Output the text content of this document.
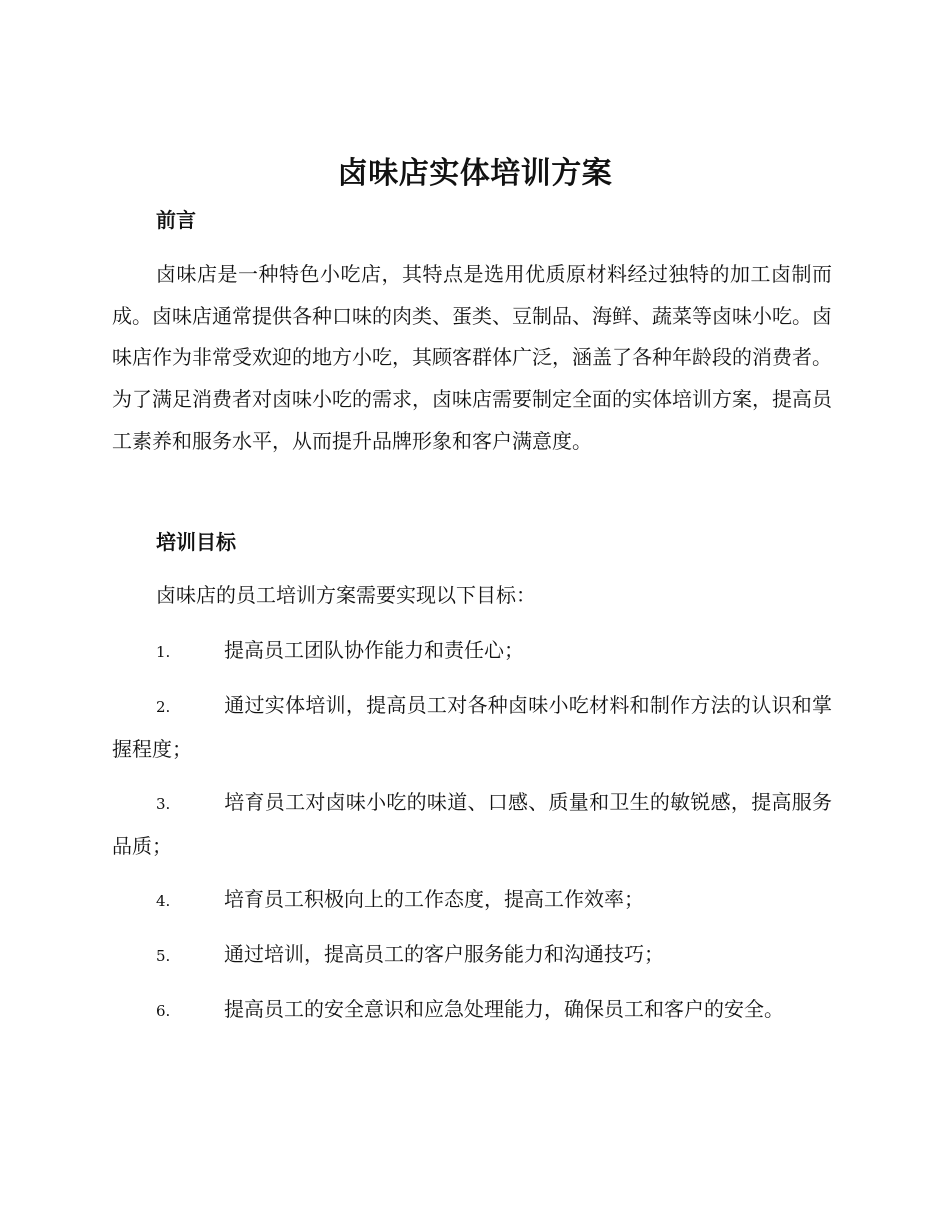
卤味店实体培训方案
前言

卤味店是一种特色小吃店，其特点是选用优质原材料经过独特的加工卤制而成。卤味店通常提供各种口味的肉类、蛋类、豆制品、海鲜、蔬菜等卤味小吃。卤味店作为非常受欢迎的地方小吃，其顾客群体广泛，涵盖了各种年龄段的消费者。为了满足消费者对卤味小吃的需求，卤味店需要制定全面的实体培训方案，提高员工素养和服务水平，从而提升品牌形象和客户满意度。

培训目标

卤味店的员工培训方案需要实现以下目标：

1.	提高员工团队协作能力和责任心；

2.	通过实体培训，提高员工对各种卤味小吃材料和制作方法的认识和掌握程度；

3.	培育员工对卤味小吃的味道、口感、质量和卫生的敏锐感，提高服务品质；

4.	培育员工积极向上的工作态度，提高工作效率；

5.	通过培训，提高员工的客户服务能力和沟通技巧；

6.	提高员工的安全意识和应急处理能力，确保员工和客户的安全。
